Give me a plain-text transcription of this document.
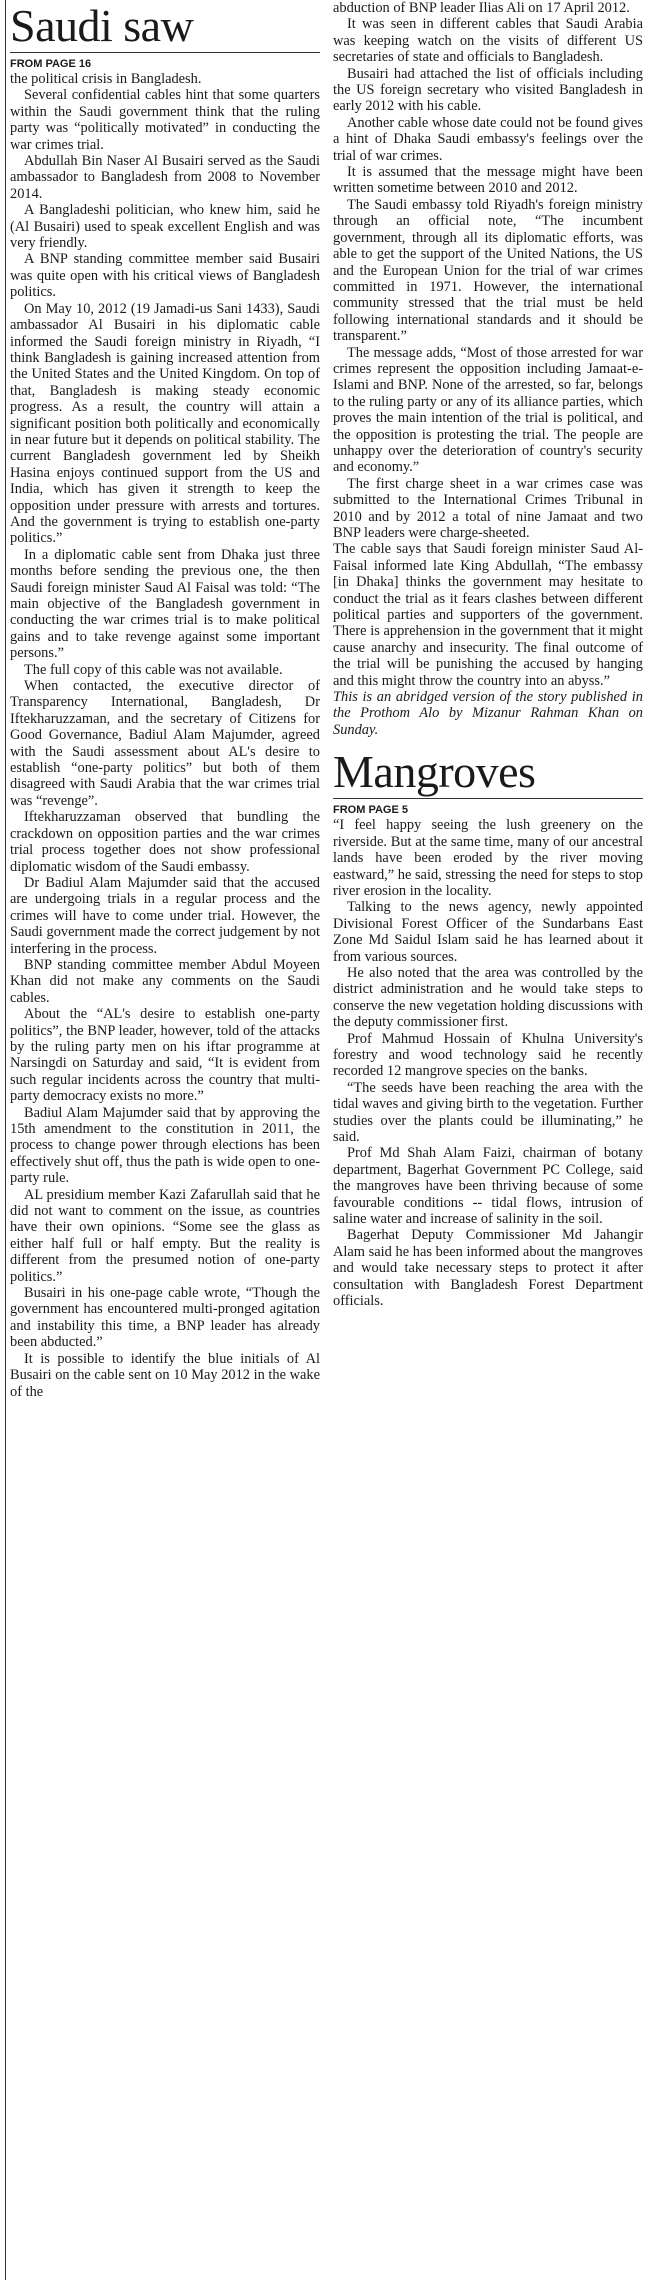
Saudi saw
FROM PAGE 16

the political crisis in Bangladesh.

Several confidential cables hint that some quarters within the Saudi government think that the ruling party was “politically motivated” in conducting the war crimes trial.

Abdullah Bin Naser Al Busairi served as the Saudi ambassador to Bangladesh from 2008 to November 2014.

A Bangladeshi politician, who knew him, said he (Al Busairi) used to speak excellent English and was very friendly.

A BNP standing committee member said Busairi was quite open with his critical views of Bangladesh politics.

On May 10, 2012 (19 Jamadi-us Sani 1433), Saudi ambassador Al Busairi in his diplomatic cable informed the Saudi foreign ministry in Riyadh, “I think Bangladesh is gaining increased attention from the United States and the United Kingdom. On top of that, Bangladesh is making steady economic progress. As a result, the country will attain a significant position both politically and economically in near future but it depends on political stability. The current Bangladesh government led by Sheikh Hasina enjoys continued support from the US and India, which has given it strength to keep the opposition under pressure with arrests and tortures. And the government is trying to establish one-party politics.”

In a diplomatic cable sent from Dhaka just three months before sending the previous one, the then Saudi foreign minister Saud Al Faisal was told: “The main objective of the Bangladesh government in conducting the war crimes trial is to make political gains and to take revenge against some important persons.”

The full copy of this cable was not available.

When contacted, the executive director of Transparency International, Bangladesh, Dr Iftekharuzzaman, and the secretary of Citizens for Good Governance, Badiul Alam Majumder, agreed with the Saudi assessment about AL's desire to establish “one-party politics” but both of them disagreed with Saudi Arabia that the war crimes trial was “revenge”.

Iftekharuzzaman observed that bundling the crackdown on opposition parties and the war crimes trial process together does not show professional diplomatic wisdom of the Saudi embassy.

Dr Badiul Alam Majumder said that the accused are undergoing trials in a regular process and the crimes will have to come under trial. However, the Saudi government made the correct judgement by not interfering in the process.

BNP standing committee member Abdul Moyeen Khan did not make any comments on the Saudi cables.

About the “AL's desire to establish one-party politics”, the BNP leader, however, told of the attacks by the ruling party men on his iftar programme at Narsingdi on Saturday and said, “It is evident from such regular incidents across the country that multi-party democracy exists no more.”

Badiul Alam Majumder said that by approving the 15th amendment to the constitution in 2011, the process to change power through elections has been effectively shut off, thus the path is wide open to one-party rule.

AL presidium member Kazi Zafarullah said that he did not want to comment on the issue, as countries have their own opinions. “Some see the glass as either half full or half empty. But the reality is different from the presumed notion of one-party politics.”

Busairi in his one-page cable wrote, “Though the government has encountered multi-pronged agitation and instability this time, a BNP leader has already been abducted.”

It is possible to identify the blue initials of Al Busairi on the cable sent on 10 May 2012 in the wake of the

abduction of BNP leader Ilias Ali on 17 April 2012.

It was seen in different cables that Saudi Arabia was keeping watch on the visits of different US secretaries of state and officials to Bangladesh.

Busairi had attached the list of officials including the US foreign secretary who visited Bangladesh in early 2012 with his cable.

Another cable whose date could not be found gives a hint of Dhaka Saudi embassy's feelings over the trial of war crimes.

It is assumed that the message might have been written sometime between 2010 and 2012.

The Saudi embassy told Riyadh's foreign ministry through an official note, “The incumbent government, through all its diplomatic efforts, was able to get the support of the United Nations, the US and the European Union for the trial of war crimes committed in 1971. However, the international community stressed that the trial must be held following international standards and it should be transparent.”

The message adds, “Most of those arrested for war crimes represent the opposition including Jamaat-e-Islami and BNP. None of the arrested, so far, belongs to the ruling party or any of its alliance parties, which proves the main intention of the trial is political, and the opposition is protesting the trial. The people are unhappy over the deterioration of country's security and economy.”

The first charge sheet in a war crimes case was submitted to the International Crimes Tribunal in 2010 and by 2012 a total of nine Jamaat and two BNP leaders were charge-sheeted.

The cable says that Saudi foreign minister Saud Al-Faisal informed late King Abdullah, “The embassy [in Dhaka] thinks the government may hesitate to conduct the trial as it fears clashes between different political parties and supporters of the government. There is apprehension in the government that it might cause anarchy and insecurity. The final outcome of the trial will be punishing the accused by hanging and this might throw the country into an abyss.”

This is an abridged version of the story published in the Prothom Alo by Mizanur Rahman Khan on Sunday.

Mangroves
FROM PAGE 5

“I feel happy seeing the lush greenery on the riverside. But at the same time, many of our ancestral lands have been eroded by the river moving eastward,” he said, stressing the need for steps to stop river erosion in the locality.

Talking to the news agency, newly appointed Divisional Forest Officer of the Sundarbans East Zone Md Saidul Islam said he has learned about it from various sources.

He also noted that the area was controlled by the district administration and he would take steps to conserve the new vegetation holding discussions with the deputy commissioner first.

Prof Mahmud Hossain of Khulna University's forestry and wood technology said he recently recorded 12 mangrove species on the banks.

“The seeds have been reaching the area with the tidal waves and giving birth to the vegetation. Further studies over the plants could be illuminating,” he said.

Prof Md Shah Alam Faizi, chairman of botany department, Bagerhat Government PC College, said the mangroves have been thriving because of some favourable conditions -- tidal flows, intrusion of saline water and increase of salinity in the soil.

Bagerhat Deputy Commissioner Md Jahangir Alam said he has been informed about the mangroves and would take necessary steps to protect it after consultation with Bangladesh Forest Department officials.
